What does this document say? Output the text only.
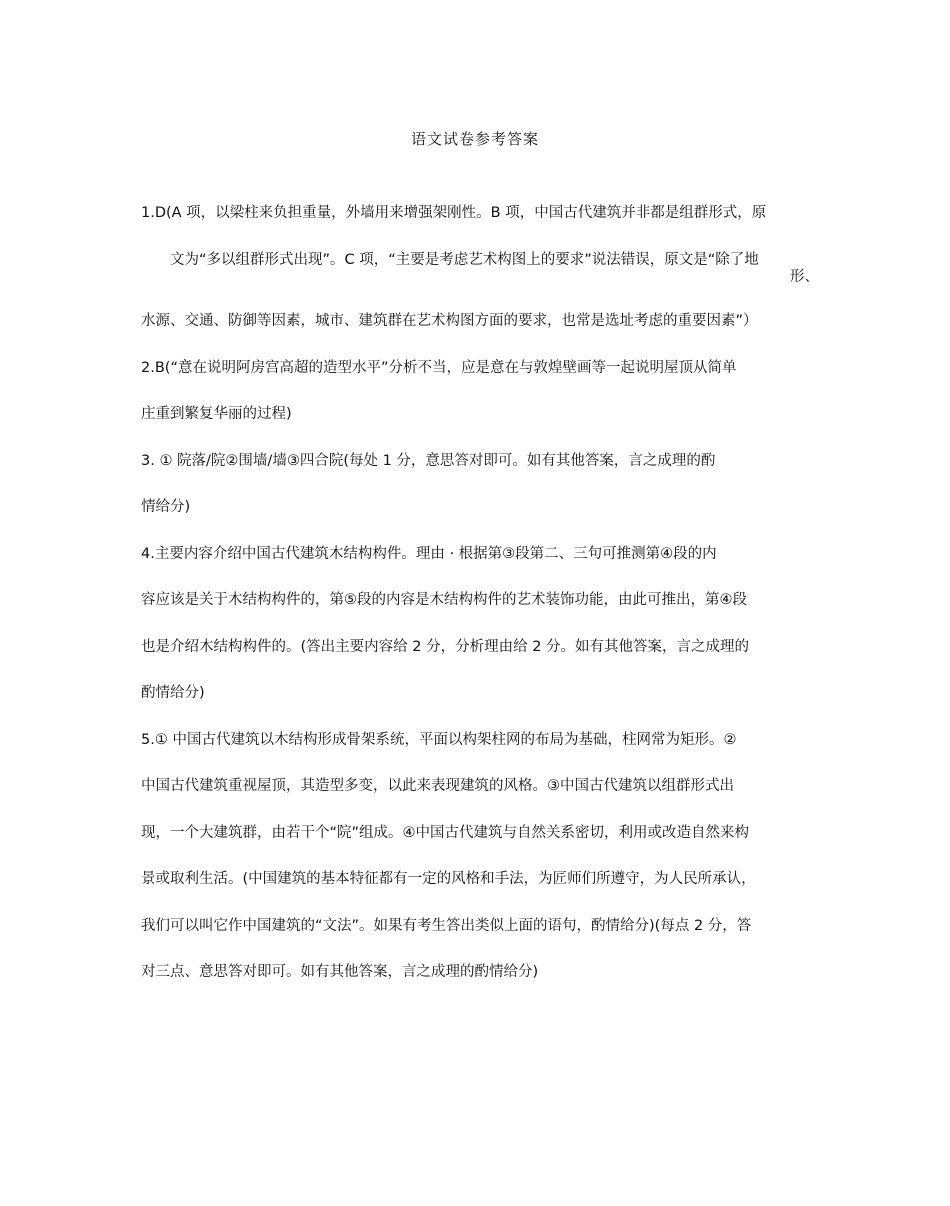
语文试卷参考答案
1.D(A 项，以梁柱来负担重量，外墙用来增强架刚性。B 项，中国古代建筑并非都是组群形式，原
文为“多以组群形式出现”。C 项，“主要是考虑艺术构图上的要求”说法错误，原文是“除了地
形、
水源、交通、防御等因素，城市、建筑群在艺术构图方面的要求，也常是选址考虑的重要因素”）
2.B(“意在说明阿房宫高超的造型水平”分析不当，应是意在与敦煌壁画等一起说明屋顶从简单
庄重到繁复华丽的过程)
3. ① 院落/院②围墙/墙③四合院(每处 1 分，意思答对即可。如有其他答案，言之成理的酌
情给分)
4.主要内容介绍中国古代建筑木结构构件。理由 · 根据第③段第二、三句可推测第④段的内
容应该是关于木结构构件的，第⑤段的内容是木结构构件的艺术装饰功能，由此可推出，第④段
也是介绍木结构构件的。(答出主要内容给 2 分，分析理由给 2 分。如有其他答案，言之成理的
酌情给分)
5.① 中国古代建筑以木结构形成骨架系统，平面以构架柱网的布局为基础，柱网常为矩形。②
中国古代建筑重视屋顶，其造型多变，以此来表现建筑的风格。③中国古代建筑以组群形式出
现，一个大建筑群，由若干个“院”组成。④中国古代建筑与自然关系密切，利用或改造自然来构
景或取利生活。(中国建筑的基本特征都有一定的风格和手法，为匠师们所遵守，为人民所承认，
我们可以叫它作中国建筑的“文法”。如果有考生答出类似上面的语句，酌情给分)(每点 2 分，答
对三点、意思答对即可。如有其他答案，言之成理的酌情给分)
